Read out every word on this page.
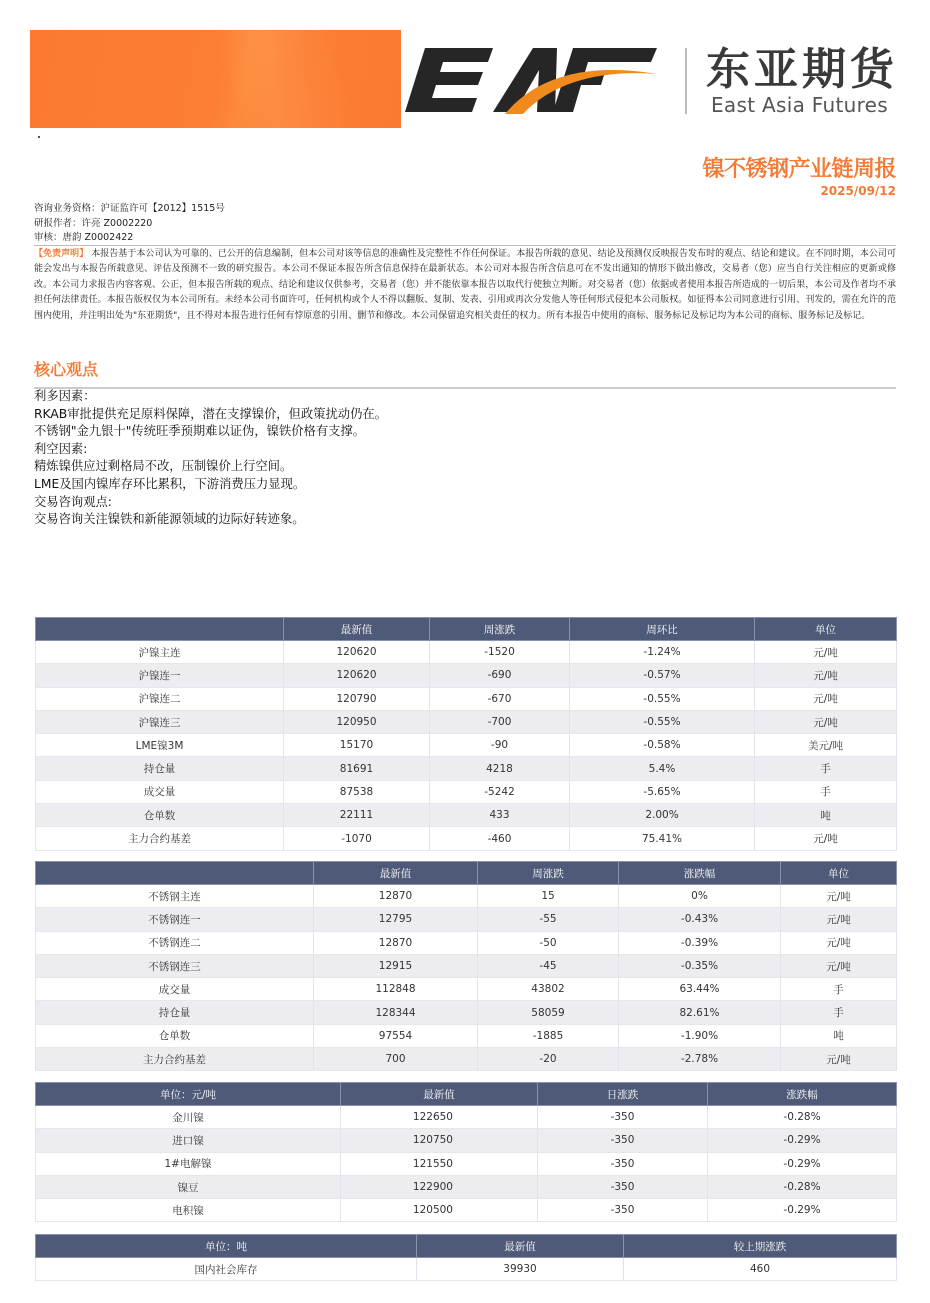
东亚期货
East Asia Futures
镍不锈钢产业链周报
2025/09/12
咨询业务资格：沪证监许可【2012】1515号
研报作者：许亮 Z0002220
审核：唐韵 Z0002422
【免责声明】 本报告基于本公司认为可靠的、已公开的信息编制，但本公司对该等信息的准确性及完整性不作任何保证。本报告所载的意见、结论及预测仅反映报告发布时的观点、结论和建议。在不同时期，本公司可能会发出与本报告所载意见、评估及预测不一致的研究报告。本公司不保证本报告所含信息保持在最新状态。本公司对本报告所含信息可在不发出通知的情形下做出修改，交易者（您）应当自行关注相应的更新或修改。本公司力求报告内容客观、公正，但本报告所载的观点、结论和建议仅供参考，交易者（您）并不能依靠本报告以取代行使独立判断。对交易者（您）依据或者使用本报告所造成的一切后果，本公司及作者均不承担任何法律责任。本报告版权仅为本公司所有。未经本公司书面许可，任何机构或个人不得以翻版、复制、发表、引用或再次分发他人等任何形式侵犯本公司版权。如征得本公司同意进行引用、刊发的，需在允许的范围内使用，并注明出处为"东亚期货"，且不得对本报告进行任何有悖原意的引用、删节和修改。本公司保留追究相关责任的权力。所有本报告中使用的商标、服务标记及标记均为本公司的商标、服务标记及标记。
核心观点
利多因素：
RKAB审批提供充足原料保障，潜在支撑镍价，但政策扰动仍在。
不锈钢"金九银十"传统旺季预期难以证伪，镍铁价格有支撑。
利空因素:
精炼镍供应过剩格局不改，压制镍价上行空间。
LME及国内镍库存环比累积，下游消费压力显现。
交易咨询观点:
交易咨询关注镍铁和新能源领域的边际好转迹象。
	最新值	周涨跌	周环比	单位
沪镍主连	120620	-1520	-1.24%	元/吨
沪镍连一	120620	-690	-0.57%	元/吨
沪镍连二	120790	-670	-0.55%	元/吨
沪镍连三	120950	-700	-0.55%	元/吨
LME镍3M	15170	-90	-0.58%	美元/吨
持仓量	81691	4218	5.4%	手
成交量	87538	-5242	-5.65%	手
仓单数	22111	433	2.00%	吨
主力合约基差	-1070	-460	75.41%	元/吨
	最新值	周涨跌	涨跌幅	单位
不锈钢主连	12870	15	0%	元/吨
不锈钢连一	12795	-55	-0.43%	元/吨
不锈钢连二	12870	-50	-0.39%	元/吨
不锈钢连三	12915	-45	-0.35%	元/吨
成交量	112848	43802	63.44%	手
持仓量	128344	58059	82.61%	手
仓单数	97554	-1885	-1.90%	吨
主力合约基差	700	-20	-2.78%	元/吨
单位：元/吨	最新值	日涨跌	涨跌幅
金川镍	122650	-350	-0.28%
进口镍	120750	-350	-0.29%
1#电解镍	121550	-350	-0.29%
镍豆	122900	-350	-0.28%
电积镍	120500	-350	-0.29%
单位：吨	最新值	较上期涨跌
国内社会库存	39930	460
